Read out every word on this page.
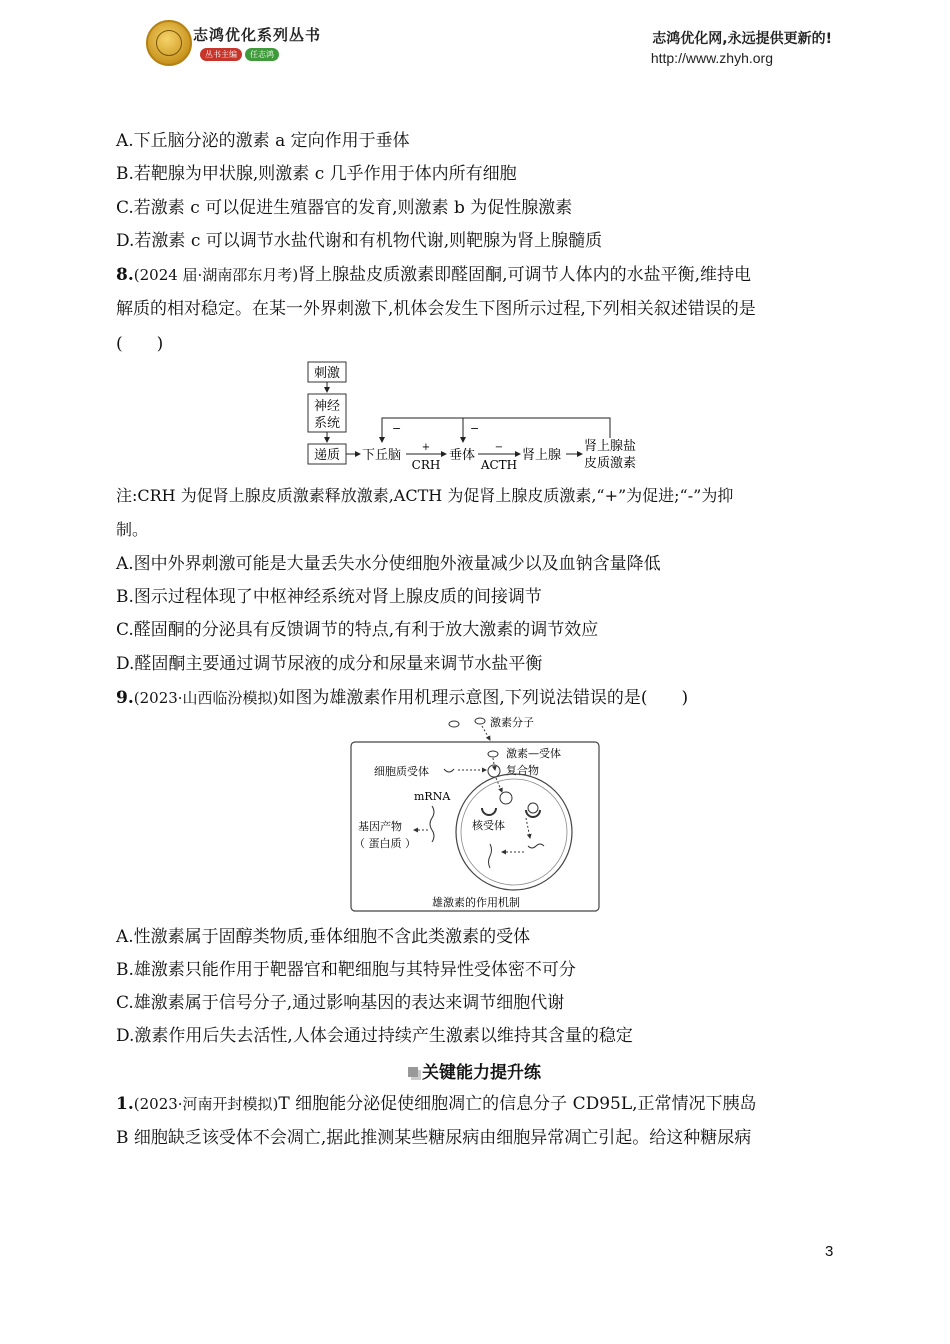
志鸿优化系列丛书
丛书主编	任志鸿
志鸿优化网,永远提供更新的!
http://www.zhyh.org
A.下丘脑分泌的激素 a 定向作用于垂体
B.若靶腺为甲状腺,则激素 c 几乎作用于体内所有细胞
C.若激素 c 可以促进生殖器官的发育,则激素 b 为促性腺激素
D.若激素 c 可以调节水盐代谢和有机物代谢,则靶腺为肾上腺髓质
8.(2024 届·湖南邵东月考)肾上腺盐皮质激素即醛固酮,可调节人体内的水盐平衡,维持电
解质的相对稳定。在某一外界刺激下,机体会发生下图所示过程,下列相关叙述错误的是
(　　)
刺激
神经
系统
递质 下丘脑
+
CRH
垂体
−
ACTH
肾上腺
肾上腺盐
皮质激素
−	−
注:CRH 为促肾上腺皮质激素释放激素,ACTH 为促肾上腺皮质激素,“+”为促进;“-”为抑
制。
A.图中外界刺激可能是大量丢失水分使细胞外液量减少以及血钠含量降低
B.图示过程体现了中枢神经系统对肾上腺皮质的间接调节
C.醛固酮的分泌具有反馈调节的特点,有利于放大激素的调节效应
D.醛固酮主要通过调节尿液的成分和尿量来调节水盐平衡
9.(2023·山西临汾模拟)如图为雄激素作用机理示意图,下列说法错误的是(　　)
激素分子
激素—受体
复合物
细胞质受体
核受体
mRNA
基因产物
（ 蛋白质 ）
雄激素的作用机制
A.性激素属于固醇类物质,垂体细胞不含此类激素的受体
B.雄激素只能作用于靶器官和靶细胞与其特异性受体密不可分
C.雄激素属于信号分子,通过影响基因的表达来调节细胞代谢
D.激素作用后失去活性,人体会通过持续产生激素以维持其含量的稳定
关键能力提升练
1.(2023·河南开封模拟)T 细胞能分泌促使细胞凋亡的信息分子 CD95L,正常情况下胰岛
B 细胞缺乏该受体不会凋亡,据此推测某些糖尿病由细胞异常凋亡引起。给这种糖尿病
3
